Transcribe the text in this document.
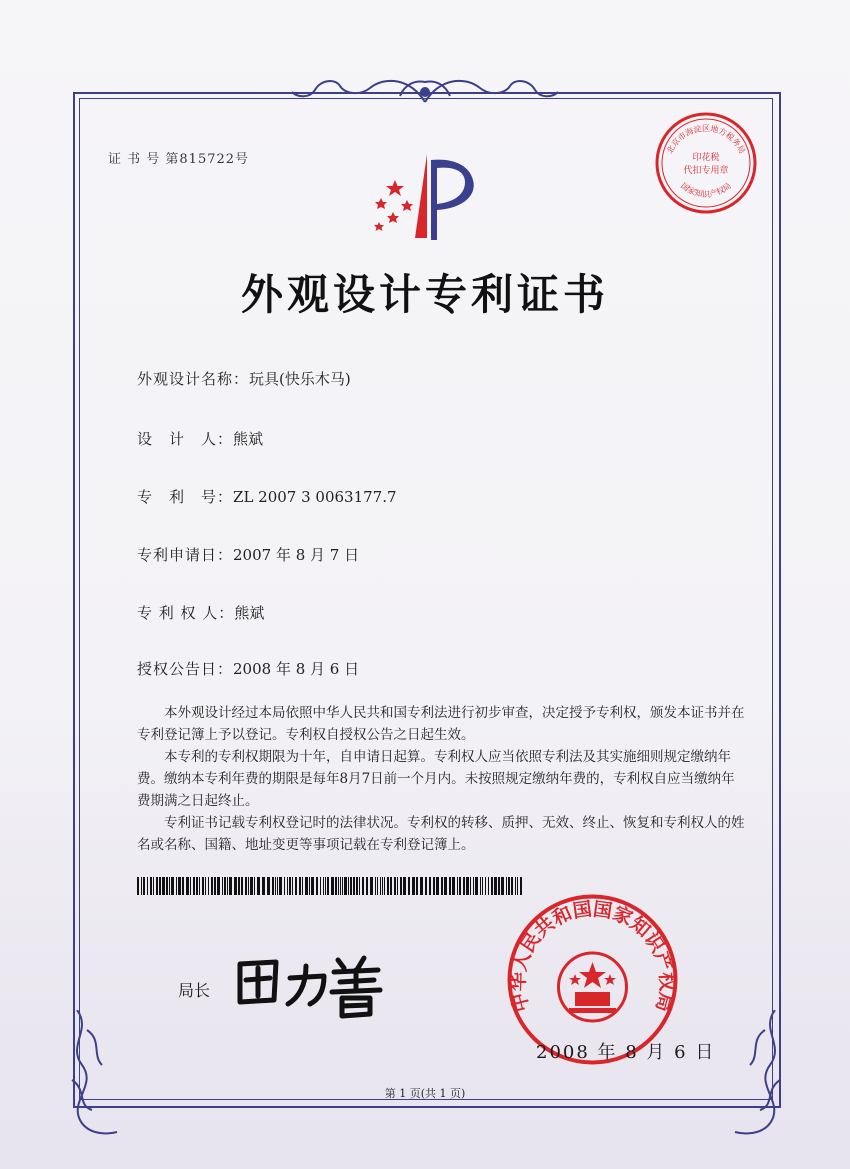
证 书 号 第815722号
北京市海淀区地方税务局
国家知识产权局
印花税
代扣专用章
外观设计专利证书
外观设计名称：玩具(快乐木马)
设　计　人：熊斌
专　利　号：ZL 2007 3 0063177.7
专利申请日：2007 年 8 月 7 日
专 利 权 人：熊斌
授权公告日：2008 年 8 月 6 日

本外观设计经过本局依照中华人民共和国专利法进行初步审查，决定授予专利权，颁发本证书并在专利登记簿上予以登记。专利权自授权公告之日起生效。

本专利的专利权期限为十年，自申请日起算。专利权人应当依照专利法及其实施细则规定缴纳年费。缴纳本专利年费的期限是每年8月7日前一个月内。未按照规定缴纳年费的，专利权自应当缴纳年费期满之日起终止。

专利证书记载专利权登记时的法律状况。专利权的转移、质押、无效、终止、恢复和专利权人的姓名或名称、国籍、地址变更等事项记载在专利登记簿上。

局长	中华人民共和国国家知识产权局
2008 年 8 月 6 日
第 1 页(共 1 页)
